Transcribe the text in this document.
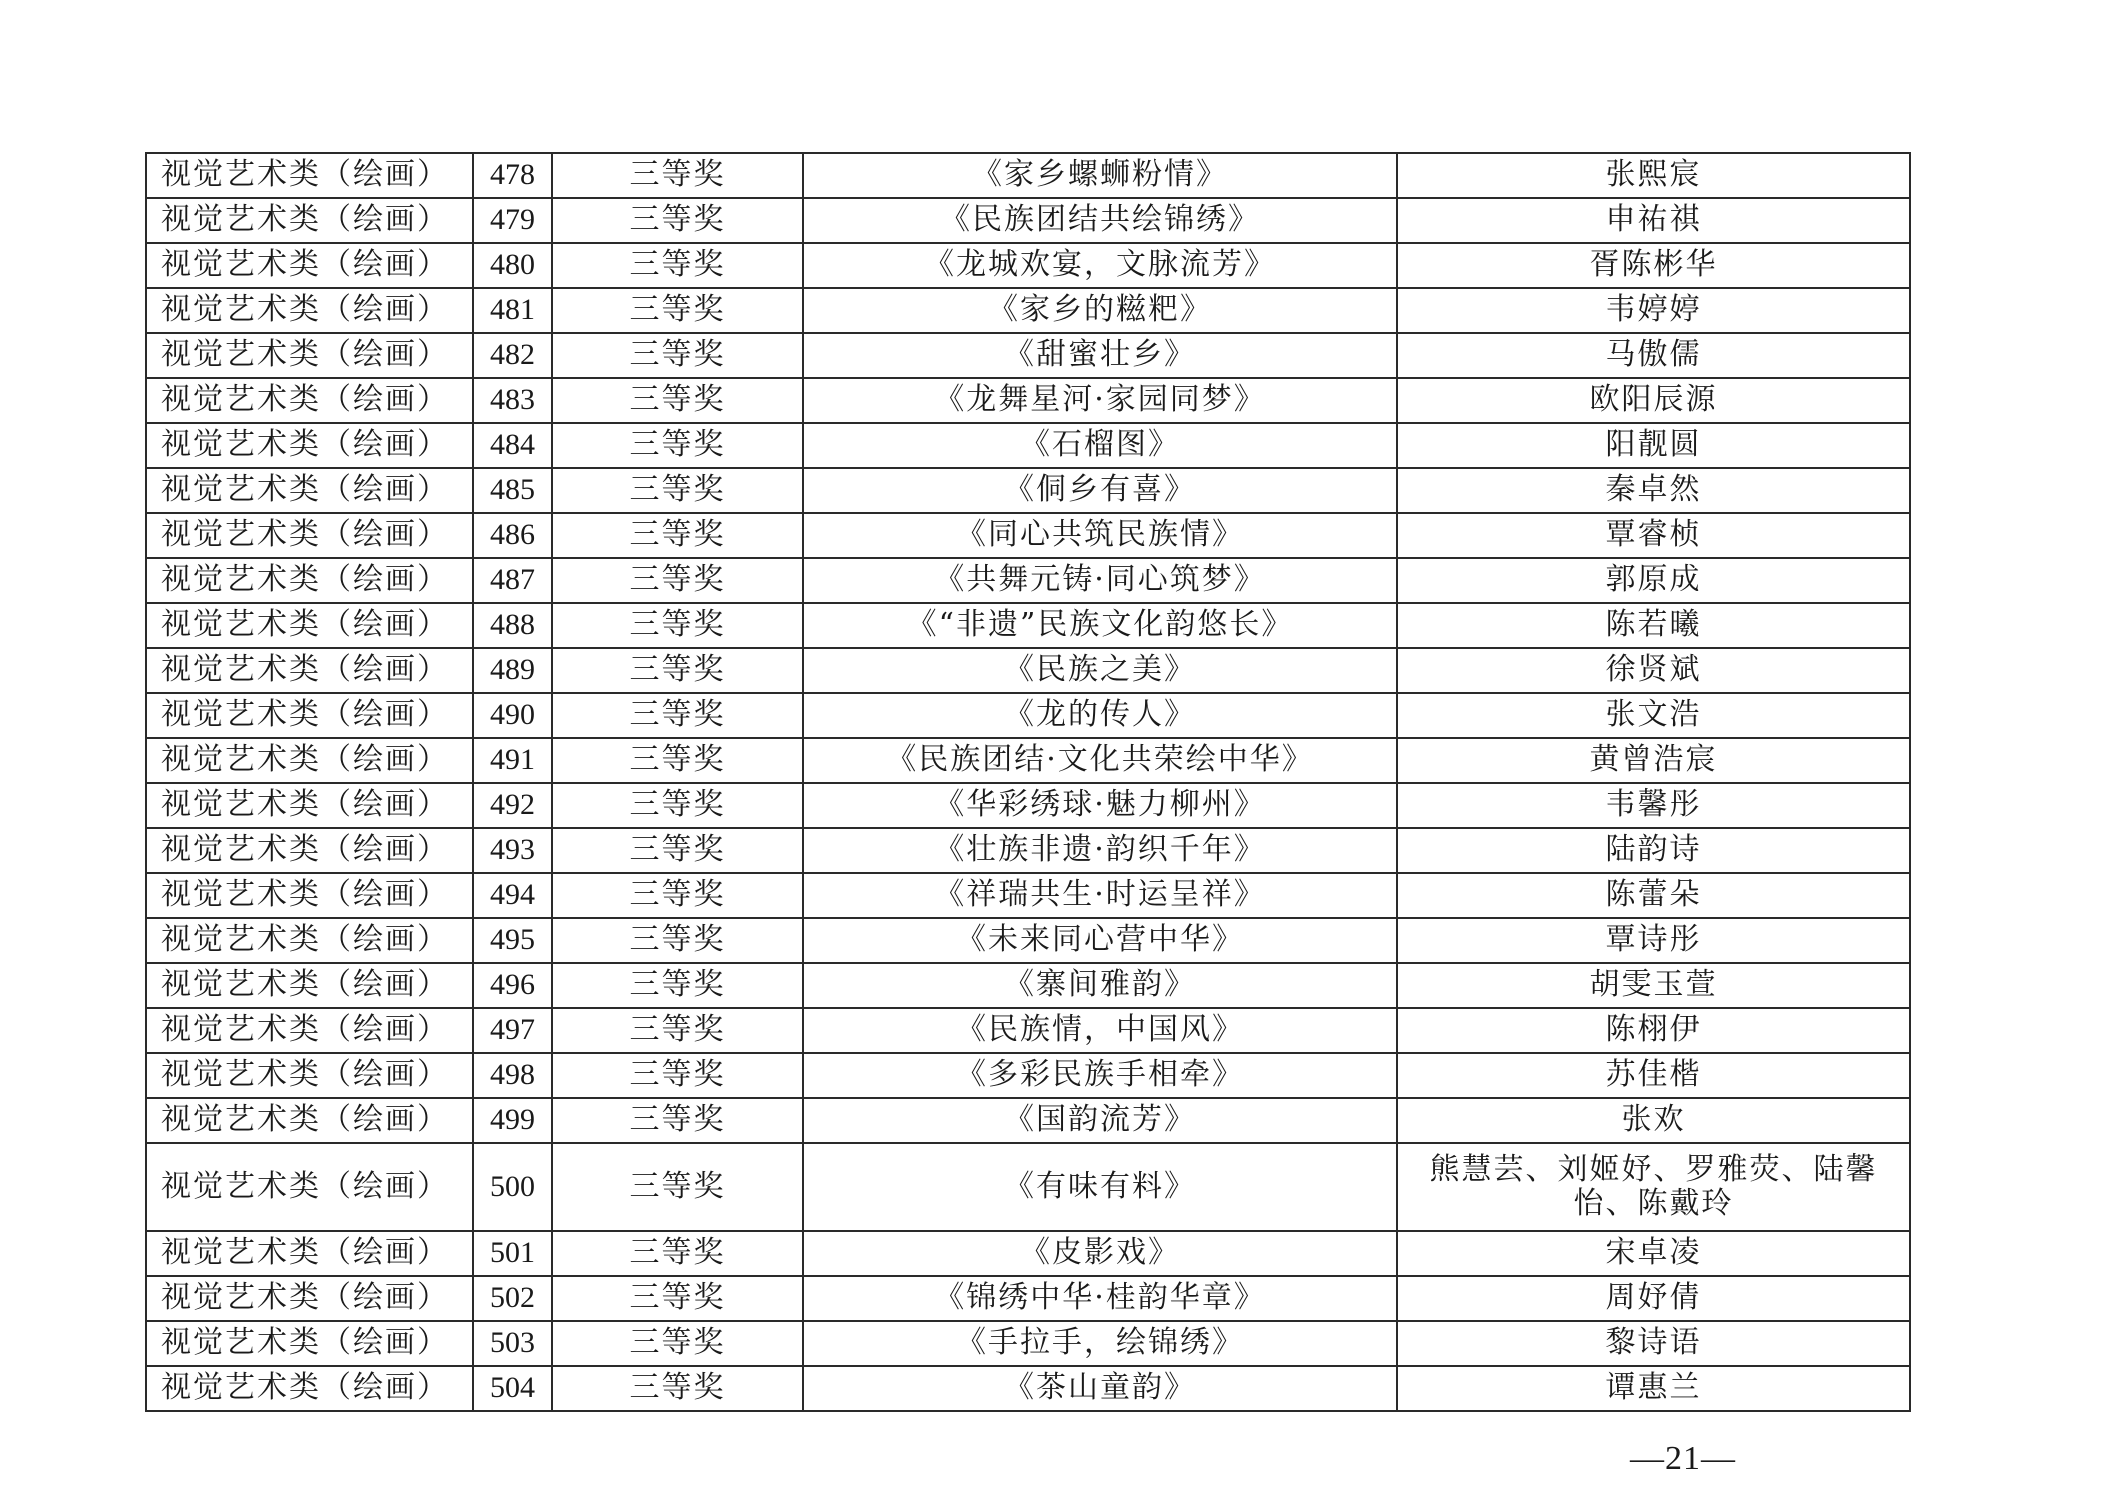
视觉艺术类（绘画）	478	三等奖	《家乡螺蛳粉情》	张熙宸
视觉艺术类（绘画）	479	三等奖	《民族团结共绘锦绣》	申祐祺
视觉艺术类（绘画）	480	三等奖	《龙城欢宴，文脉流芳》	胥陈彬华
视觉艺术类（绘画）	481	三等奖	《家乡的糍粑》	韦婷婷
视觉艺术类（绘画）	482	三等奖	《甜蜜壮乡》	马傲儒
视觉艺术类（绘画）	483	三等奖	《龙舞星河·家园同梦》	欧阳辰源
视觉艺术类（绘画）	484	三等奖	《石榴图》	阳靓圆
视觉艺术类（绘画）	485	三等奖	《侗乡有喜》	秦卓然
视觉艺术类（绘画）	486	三等奖	《同心共筑民族情》	覃睿桢
视觉艺术类（绘画）	487	三等奖	《共舞元铸·同心筑梦》	郭原成
视觉艺术类（绘画）	488	三等奖	《“非遗”民族文化韵悠长》	陈若曦
视觉艺术类（绘画）	489	三等奖	《民族之美》	徐贤斌
视觉艺术类（绘画）	490	三等奖	《龙的传人》	张文浩
视觉艺术类（绘画）	491	三等奖	《民族团结·文化共荣绘中华》	黄曾浩宸
视觉艺术类（绘画）	492	三等奖	《华彩绣球·魅力柳州》	韦馨彤
视觉艺术类（绘画）	493	三等奖	《壮族非遗·韵织千年》	陆韵诗
视觉艺术类（绘画）	494	三等奖	《祥瑞共生·时运呈祥》	陈蕾朵
视觉艺术类（绘画）	495	三等奖	《未来同心营中华》	覃诗彤
视觉艺术类（绘画）	496	三等奖	《寨间雅韵》	胡雯玉萱
视觉艺术类（绘画）	497	三等奖	《民族情，中国风》	陈栩伊
视觉艺术类（绘画）	498	三等奖	《多彩民族手相牵》	苏佳楷
视觉艺术类（绘画）	499	三等奖	《国韵流芳》	张欢
视觉艺术类（绘画）	500	三等奖	《有味有料》	熊慧芸、刘姬妤、罗雅荧、陆馨怡、陈戴玲
视觉艺术类（绘画）	501	三等奖	《皮影戏》	宋卓凌
视觉艺术类（绘画）	502	三等奖	《锦绣中华·桂韵华章》	周妤倩
视觉艺术类（绘画）	503	三等奖	《手拉手，绘锦绣》	黎诗语
视觉艺术类（绘画）	504	三等奖	《茶山童韵》	谭惠兰
—21—
